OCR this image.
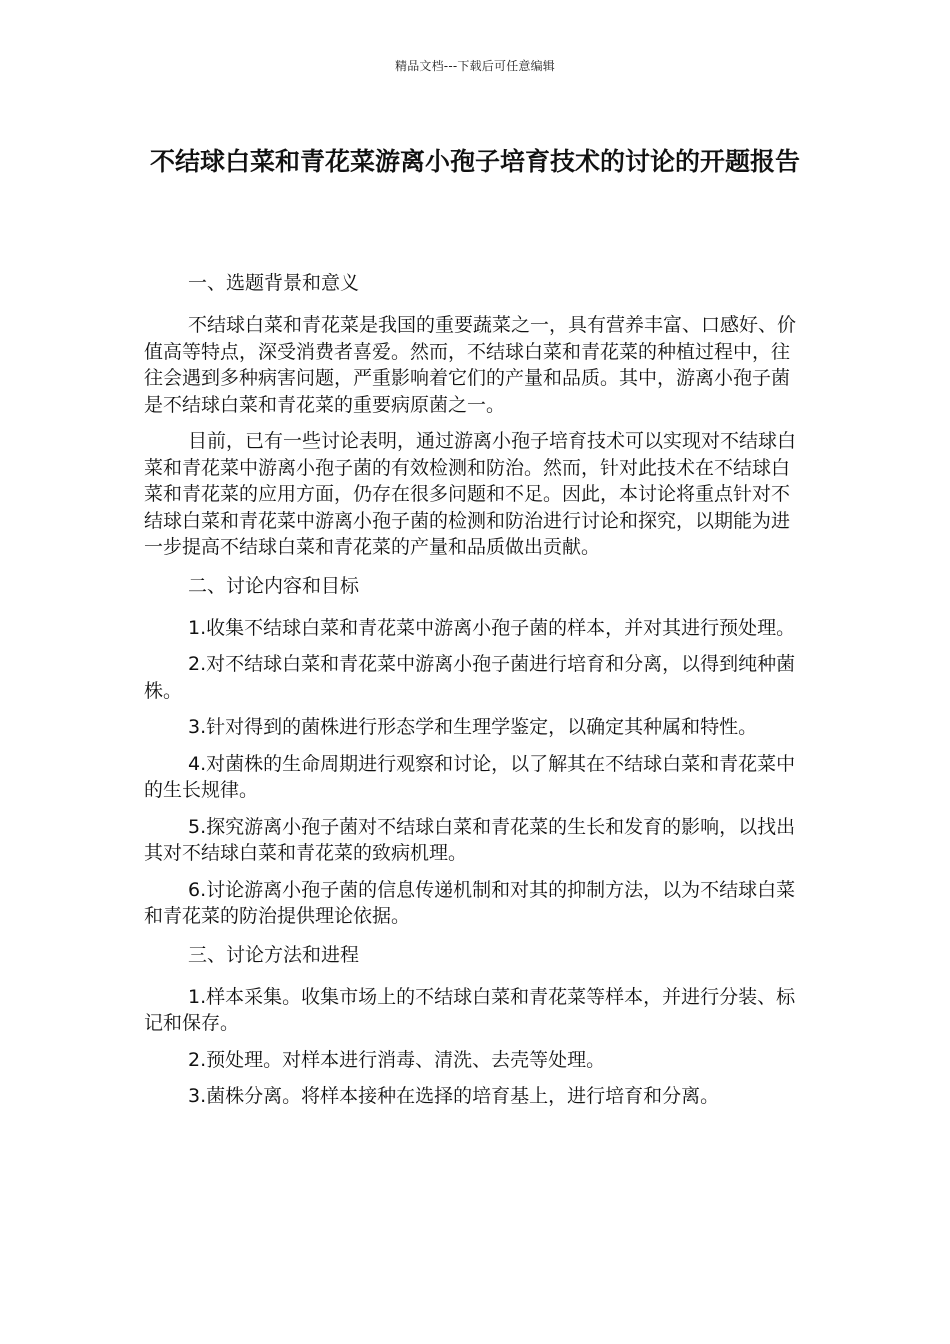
精品文档---下载后可任意编辑
不结球白菜和青花菜游离小孢子培育技术的讨论的开题报告

一、选题背景和意义

不结球白菜和青花菜是我国的重要蔬菜之一，具有营养丰富、口感好、价值高等特点，深受消费者喜爱。然而，不结球白菜和青花菜的种植过程中，往往会遇到多种病害问题，严重影响着它们的产量和品质。其中，游离小孢子菌是不结球白菜和青花菜的重要病原菌之一。

目前，已有一些讨论表明，通过游离小孢子培育技术可以实现对不结球白菜和青花菜中游离小孢子菌的有效检测和防治。然而，针对此技术在不结球白菜和青花菜的应用方面，仍存在很多问题和不足。因此，本讨论将重点针对不结球白菜和青花菜中游离小孢子菌的检测和防治进行讨论和探究，以期能为进一步提高不结球白菜和青花菜的产量和品质做出贡献。

二、讨论内容和目标

1.收集不结球白菜和青花菜中游离小孢子菌的样本，并对其进行预处理。

2.对不结球白菜和青花菜中游离小孢子菌进行培育和分离，以得到纯种菌株。

3.针对得到的菌株进行形态学和生理学鉴定，以确定其种属和特性。

4.对菌株的生命周期进行观察和讨论，以了解其在不结球白菜和青花菜中的生长规律。

5.探究游离小孢子菌对不结球白菜和青花菜的生长和发育的影响，以找出其对不结球白菜和青花菜的致病机理。

6.讨论游离小孢子菌的信息传递机制和对其的抑制方法，以为不结球白菜和青花菜的防治提供理论依据。

三、讨论方法和进程

1.样本采集。收集市场上的不结球白菜和青花菜等样本，并进行分装、标记和保存。

2.预处理。对样本进行消毒、清洗、去壳等处理。

3.菌株分离。将样本接种在选择的培育基上，进行培育和分离。
